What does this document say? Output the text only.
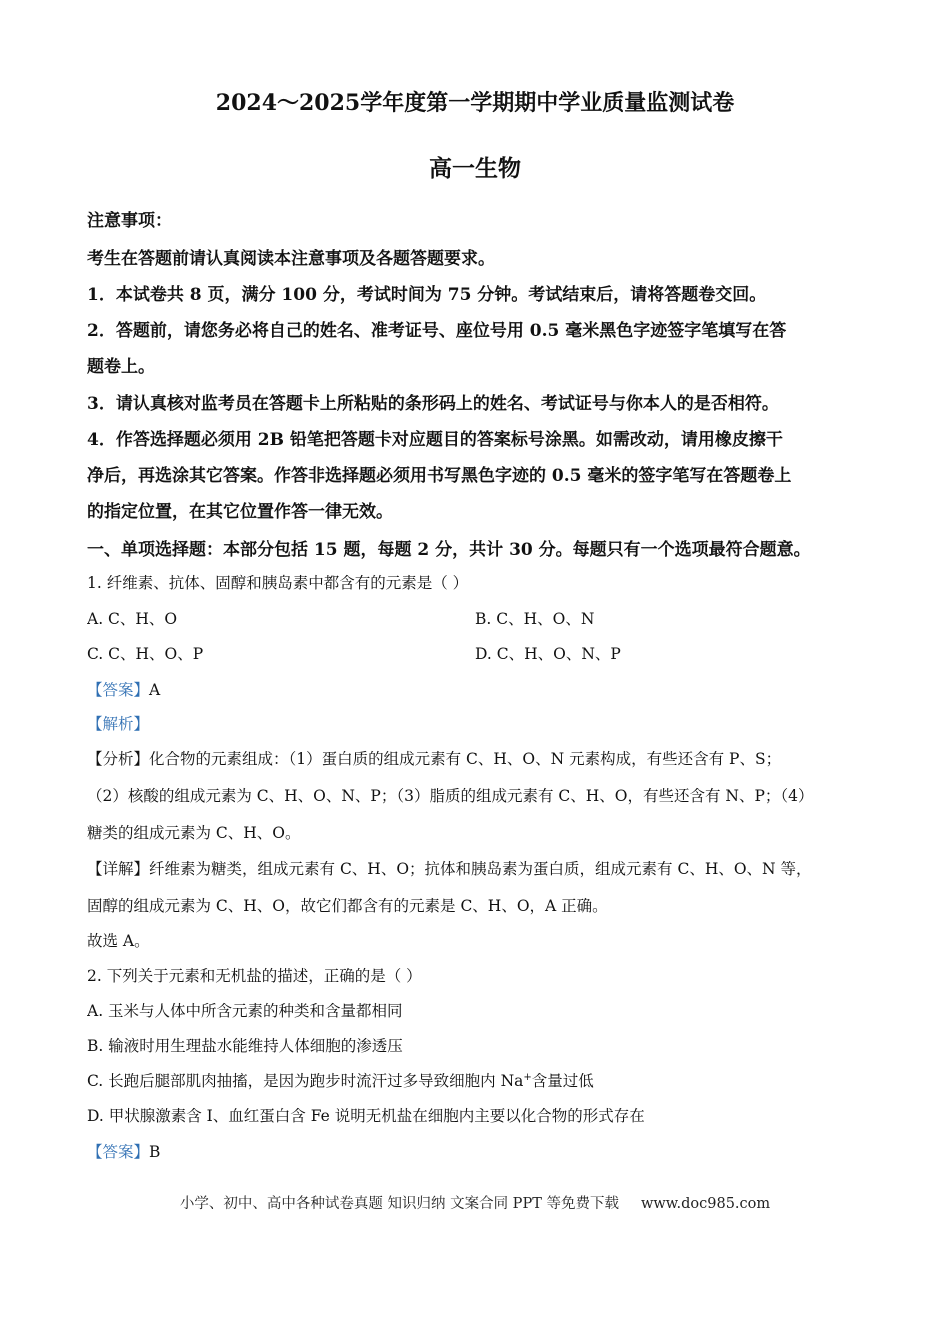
2024～2025学年度第一学期期中学业质量监测试卷
高一生物
注意事项：
考生在答题前请认真阅读本注意事项及各题答题要求。
1．本试卷共 8 页，满分 100 分，考试时间为 75 分钟。考试结束后，请将答题卷交回。
2．答题前，请您务必将自己的姓名、准考证号、座位号用 0.5 毫米黑色字迹签字笔填写在答
题卷上。
3．请认真核对监考员在答题卡上所粘贴的条形码上的姓名、考试证号与你本人的是否相符。
4．作答选择题必须用 2B 铅笔把答题卡对应题目的答案标号涂黑。如需改动，请用橡皮擦干
净后，再选涂其它答案。作答非选择题必须用书写黑色字迹的 0.5 毫米的签字笔写在答题卷上
的指定位置，在其它位置作答一律无效。
一、单项选择题：本部分包括 15 题，每题 2 分，共计 30 分。每题只有一个选项最符合题意。
1. 纤维素、抗体、固醇和胰岛素中都含有的元素是（ ）
A. C、H、O	B. C、H、O、N
C. C、H、O、P	D. C、H、O、N、P
【答案】A
【解析】
【分析】化合物的元素组成：（1）蛋白质的组成元素有 C、H、O、N 元素构成，有些还含有 P、S；
（2）核酸的组成元素为 C、H、O、N、P；（3）脂质的组成元素有 C、H、O，有些还含有 N、P；（4）
糖类的组成元素为 C、H、O。
【详解】纤维素为糖类，组成元素有 C、H、O；抗体和胰岛素为蛋白质，组成元素有 C、H、O、N 等，
固醇的组成元素为 C、H、O，故它们都含有的元素是 C、H、O，A 正确。
故选 A。
2. 下列关于元素和无机盐的描述，正确的是（ ）
A. 玉米与人体中所含元素的种类和含量都相同
B. 输液时用生理盐水能维持人体细胞的渗透压
C. 长跑后腿部肌肉抽搐，是因为跑步时流汗过多导致细胞内 Na+含量过低
D. 甲状腺激素含 I、血红蛋白含 Fe 说明无机盐在细胞内主要以化合物的形式存在
【答案】B
小学、初中、高中各种试卷真题 知识归纳 文案合同 PPT 等免费下载 www.doc985.com
